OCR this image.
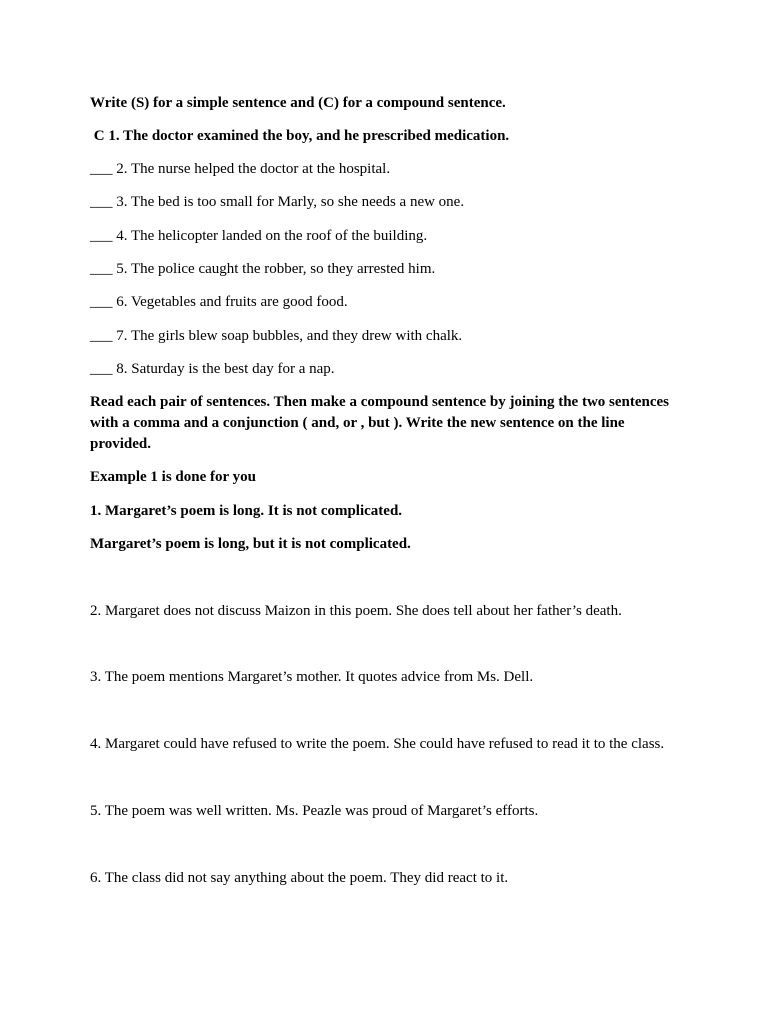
Write (S) for a simple sentence and (C) for a compound sentence.
C 1. The doctor examined the boy, and he prescribed medication.
___ 2. The nurse helped the doctor at the hospital.
___ 3. The bed is too small for Marly, so she needs a new one.
___ 4. The helicopter landed on the roof of the building.
___ 5. The police caught the robber, so they arrested him.
___ 6. Vegetables and fruits are good food.
___ 7. The girls blew soap bubbles, and they drew with chalk.
___ 8. Saturday is the best day for a nap.
Read each pair of sentences. Then make a compound sentence by joining the two sentences with a comma and a conjunction ( and, or , but ). Write the new sentence on the line provided.
Example 1 is done for you
1. Margaret’s poem is long. It is not complicated.
Margaret’s poem is long, but it is not complicated.
2. Margaret does not discuss Maizon in this poem. She does tell about her father’s death.
3. The poem mentions Margaret’s mother. It quotes advice from Ms. Dell.
4. Margaret could have refused to write the poem. She could have refused to read it to the class.
5. The poem was well written. Ms. Peazle was proud of Margaret’s efforts.
6. The class did not say anything about the poem. They did react to it.
